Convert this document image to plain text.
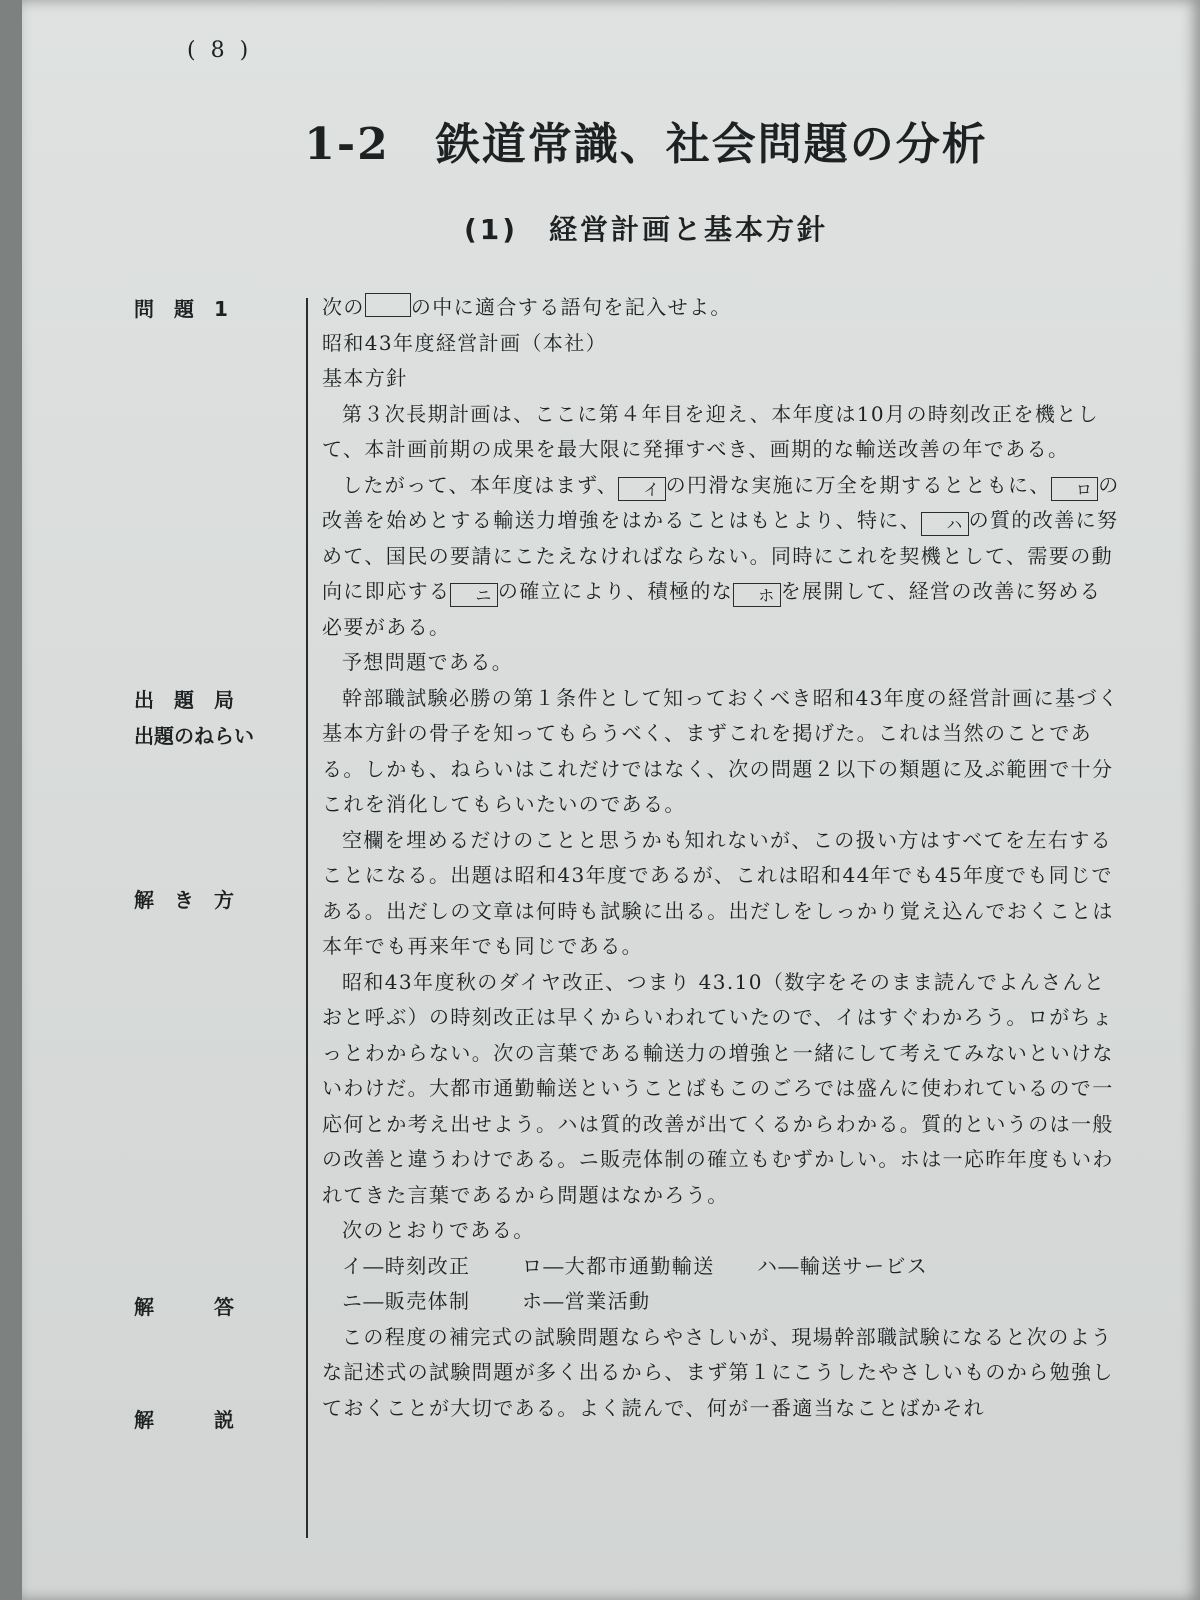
( 8 )
1-2　鉄道常識、社会問題の分析
(1)　経営計画と基本方針
問　題　1
出　題　局
出題のねらい
解　き　方
解　　　答
解　　　説

次の の中に適合する語句を記入せよ。

昭和43年度経営計画（本社）

基本方針

第３次長期計画は、ここに第４年目を迎え、本年度は10月の時刻改正を機として、本計画前期の成果を最大限に発揮すべき、画期的な輸送改善の年である。

したがって、本年度はまず、 イ の円滑な実施に万全を期するとともに、 ロ の改善を始めとする輸送力増強をはかることはもとより、特に、 ハ の質的改善に努めて、国民の要請にこたえなければならない。同時にこれを契機として、需要の動向に即応する ニ の確立により、積極的な ホ を展開して、経営の改善に努める必要がある。

予想問題である。

幹部職試験必勝の第１条件として知っておくべき昭和43年度の経営計画に基づく基本方針の骨子を知ってもらうべく、まずこれを掲げた。これは当然のことである。しかも、ねらいはこれだけではなく、次の問題２以下の類題に及ぶ範囲で十分これを消化してもらいたいのである。

空欄を埋めるだけのことと思うかも知れないが、この扱い方はすべてを左右することになる。出題は昭和43年度であるが、これは昭和44年でも45年度でも同じである。出だしの文章は何時も試験に出る。出だしをしっかり覚え込んでおくことは本年でも再来年でも同じである。

昭和43年度秋のダイヤ改正、つまり 43.10（数字をそのまま読んでよんさんとおと呼ぶ）の時刻改正は早くからいわれていたので、イはすぐわかろう。ロがちょっとわからない。次の言葉である輸送力の増強と一緒にして考えてみないといけないわけだ。大都市通勤輸送ということばもこのごろでは盛んに使われているので一応何とか考え出せよう。ハは質的改善が出てくるからわかる。質的というのは一般の改善と違うわけである。ニ販売体制の確立もむずかしい。ホは一応昨年度もいわれてきた言葉であるから問題はなかろう。

次のとおりである。

イ―時刻改正	ロ―大都市通勤輸送	ハ―輸送サービス
ニ―販売体制	ホ―営業活動

この程度の補完式の試験問題ならやさしいが、現場幹部職試験になると次のような記述式の試験問題が多く出るから、まず第１にこうしたやさしいものから勉強しておくことが大切である。よく読んで、何が一番適当なことばかそれ
